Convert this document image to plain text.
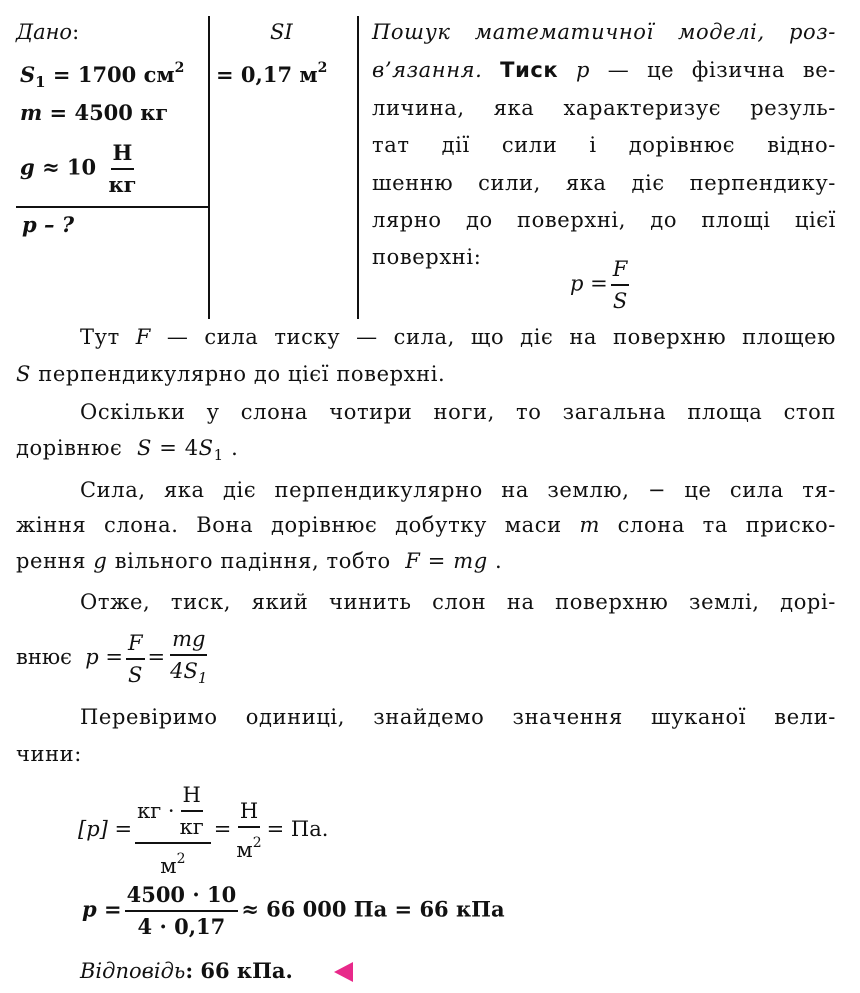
Дано:
$S_1 = 1700$ $см^2$
m = 4500 кг
$g \approx 10 \frac{Н}{кг}$
p – ?
SI
= 0,17 $м^2$
Пошук математичної моделі, роз-
в’язання. Тиск p — це фізична ве-
личина, яка характеризує резуль-
тат дії сили і дорівнює відно-
шенню сили, яка діє перпендику-
лярно до поверхні, до площі цієї
поверхні:
$p = \frac{F}{S}$
Тут F — сила тиску — сила, що діє на поверхню площею
S перпендикулярно до цієї поверхні.
Оскільки у слона чотири ноги, то загальна площа стоп
дорівнює  $S = 4S_1$ .
Сила, яка діє перпендикулярно на землю, − це сила тя-
жіння слона. Вона дорівнює добутку маси m слона та приско-
рення g вільного падіння, тобто  F = mg .
Отже, тиск, який чинить слон на поверхню землі, дорі-
Перевіримо одиниці, знайдемо значення шуканої вели-
чини:
внює $p = \frac{F}{S} = \frac{mg}{4S_1}$
$[p] = \frac{кг \cdot \frac{Н}{кг}}{м^2} = \frac{Н}{м^2}$ = Па.
$p = \frac{4500 \cdot 10}{4 \cdot 0,17} \approx 66$ 000 Па = 66 кПа
Відповідь: 66 кПа.
